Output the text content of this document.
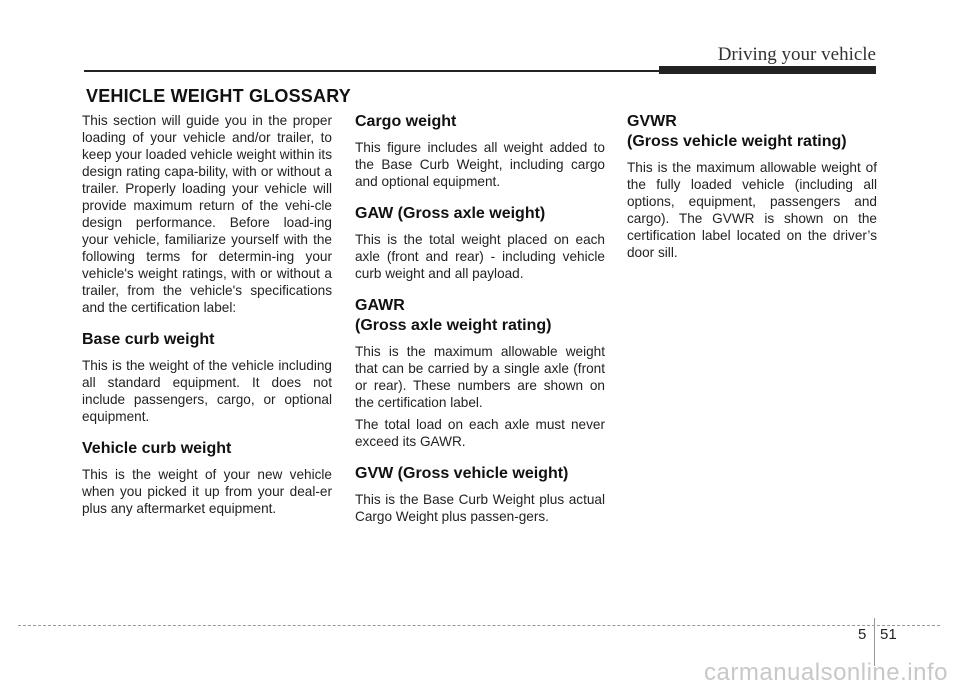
Driving your vehicle
VEHICLE WEIGHT GLOSSARY

This section will guide you in the proper loading of your vehicle and/or trailer, to keep your loaded vehicle weight within its design rating capa-bility, with or without a trailer. Properly loading your vehicle will provide maximum return of the vehi-cle design performance. Before load-ing your vehicle, familiarize yourself with the following terms for determin-ing your vehicle's weight ratings, with or without a trailer, from the vehicle's specifications and the certification label:

Base curb weight

This is the weight of the vehicle including all standard equipment. It does not include passengers, cargo, or optional equipment.

Vehicle curb weight

This is the weight of your new vehicle when you picked it up from your deal-er plus any aftermarket equipment.

Cargo weight

This figure includes all weight added to the Base Curb Weight, including cargo and optional equipment.

GAW (Gross axle weight)

This is the total weight placed on each axle (front and rear) - including vehicle curb weight and all payload.

GAWR
(Gross axle weight rating)

This is the maximum allowable weight that can be carried by a single axle (front or rear). These numbers are shown on the certification label.

The total load on each axle must never exceed its GAWR.

GVW (Gross vehicle weight)

This is the Base Curb Weight plus actual Cargo Weight plus passen-gers.

GVWR
(Gross vehicle weight rating)

This is the maximum allowable weight of the fully loaded vehicle (including all options, equipment, passengers and cargo). The GVWR is shown on the certification label located on the driver’s door sill.

5 51
carmanualsonline.info
